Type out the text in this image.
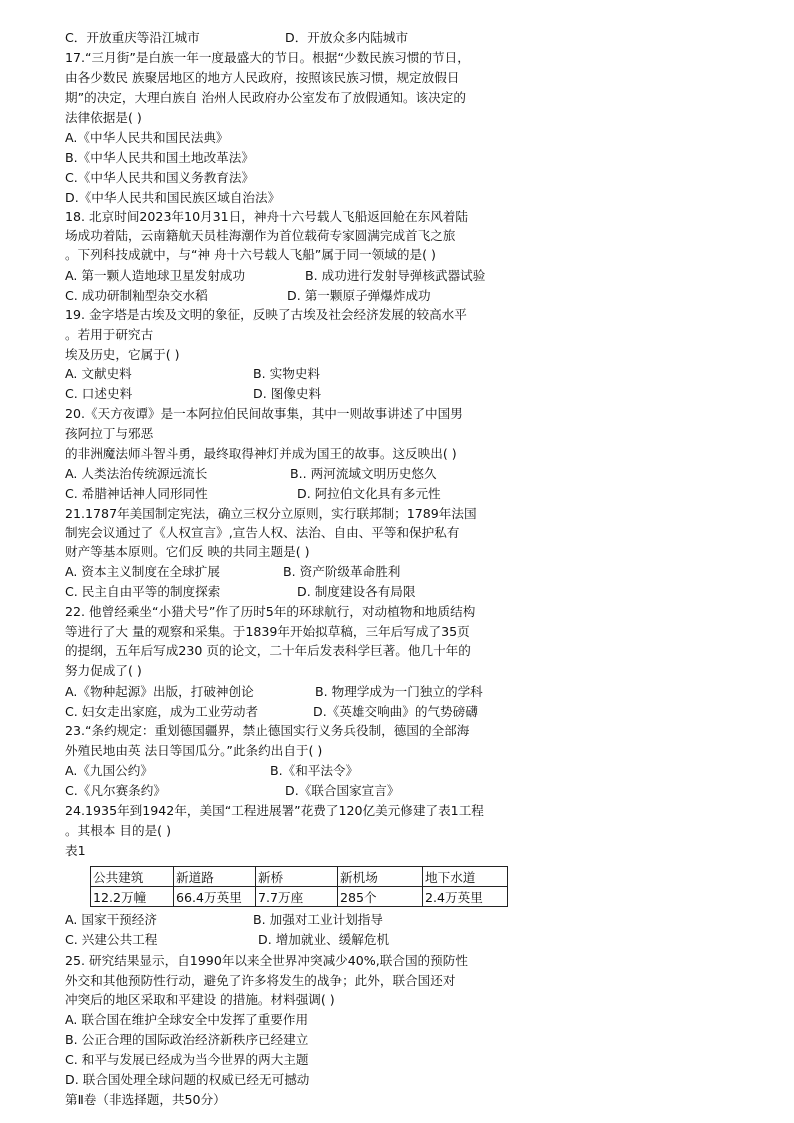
C．开放重庆等沿江城市	D．开放众多内陆城市
17.“三月街”是白族一年一度最盛大的节日。根据“少数民族习惯的节日，
由各少数民 族聚居地区的地方人民政府，按照该民族习惯，规定放假日
期”的决定，大理白族自 治州人民政府办公室发布了放假通知。该决定的
法律依据是( )
A.《中华人民共和国民法典》
B.《中华人民共和国土地改革法》
C.《中华人民共和国义务教育法》
D.《中华人民共和国民族区域自治法》
18. 北京时间2023年10月31日，神舟十六号载人飞船返回舱在东风着陆
场成功着陆，云南籍航天员桂海潮作为首位载荷专家圆满完成首飞之旅
。下列科技成就中，与“神 舟十六号载人飞船”属于同一领域的是( )
A. 第一颗人造地球卫星发射成功	B. 成功进行发射导弹核武器试验
C. 成功研制籼型杂交水稻	D. 第一颗原子弹爆炸成功
19. 金字塔是古埃及文明的象征，反映了古埃及社会经济发展的较高水平
。若用于研究古
埃及历史，它属于( )
A. 文献史料	B. 实物史料
C. 口述史料	D. 图像史料
20.《天方夜谭》是一本阿拉伯民间故事集，其中一则故事讲述了中国男
孩阿拉丁与邪恶
的非洲魔法师斗智斗勇，最终取得神灯并成为国王的故事。这反映出( )
A. 人类法治传统源远流长	B.. 两河流域文明历史悠久
C. 希腊神话神人同形同性	D. 阿拉伯文化具有多元性
21.1787年美国制定宪法，确立三权分立原则，实行联邦制；1789年法国
制宪会议通过了《人权宣言》,宣告人权、法治、自由、平等和保护私有
财产等基本原则。它们反 映的共同主题是( )
A. 资本主义制度在全球扩展	B. 资产阶级革命胜利
C. 民主自由平等的制度探索	D. 制度建设各有局限
22. 他曾经乘坐“小猎犬号”作了历时5年的环球航行，对动植物和地质结构
等进行了大 量的观察和采集。于1839年开始拟草稿，三年后写成了35页
的提纲，五年后写成230 页的论文，二十年后发表科学巨著。他几十年的
努力促成了( )
A.《物种起源》出版，打破神创论	B. 物理学成为一门独立的学科
C. 妇女走出家庭，成为工业劳动者	D.《英雄交响曲》的气势磅礴
23.“条约规定：重划德国疆界，禁止德国实行义务兵役制，德国的全部海
外殖民地由英 法日等国瓜分。”此条约出自于( )
A.《九国公约》	B.《和平法令》
C.《凡尔赛条约》	D.《联合国家宣言》
24.1935年到1942年，美国“工程进展署”花费了120亿美元修建了表1工程
。其根本 目的是( )
表1
A. 国家干预经济	B. 加强对工业计划指导
C. 兴建公共工程	D. 增加就业、缓解危机
25. 研究结果显示，自1990年以来全世界冲突减少40%,联合国的预防性
外交和其他预防性行动，避免了许多将发生的战争；此外，联合国还对
冲突后的地区采取和平建设 的措施。材料强调( )
A. 联合国在维护全球安全中发挥了重要作用
B. 公正合理的国际政治经济新秩序已经建立
C. 和平与发展已经成为当今世界的两大主题
D. 联合国处理全球问题的权威已经无可撼动
第Ⅱ卷（非选择题，共50分）
公共建筑	新道路	新桥	新机场	地下水道
12.2万幢	66.4万英里	7.7万座	285个	2.4万英里
